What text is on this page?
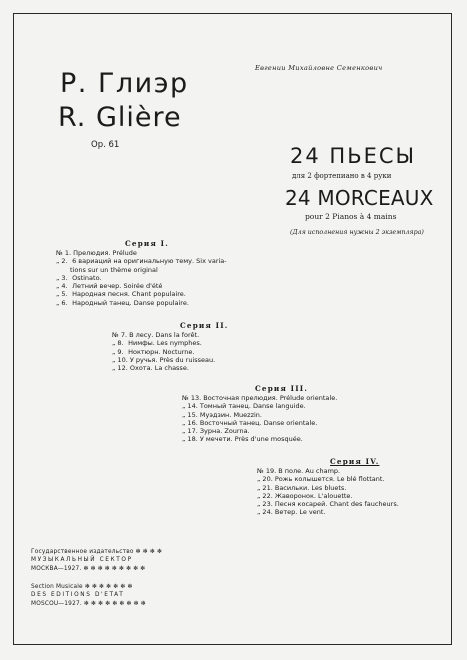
Евгении Михайловне Семенкович
Р. Глиэр
R. Glière
Op. 61	24 ПЬЕСЫ
для 2 фортепиано в 4 руки
24 MORCEAUX
pour 2 Pianos à 4 mains
(Для исполнения нужны 2 экземпляра)
Серия I.
№ 1. Прелюдия. Prélude
„ 2. 6 вариаций на оригинальную тему. Six varia-
tions sur un thème original
„ 3. Ostinato.
„ 4. Летний вечер. Soirée d'été
„ 5. Народная песня. Chant populaire.
„ 6. Народный танец. Danse populaire.
Серия II.
№ 7. В лесу. Dans la forêt.
„ 8. Нимфы. Les nymphes.
„ 9. Ноктюрн. Nocturne.
„ 10. У ручья. Près du ruisseau.
„ 12. Охота. La chasse.
Серия III.
№ 13. Восточная прелюдия. Prélude orientale.
„ 14. Томный танец. Danse languide.
„ 15. Муэдзин. Muezzin.
„ 16. Восточный танец. Danse orientale.
„ 17. Зурна. Zourna.
„ 18. У мечети. Près d'une mosquée.
Серия IV.
№ 19. В поле. Au champ.
„ 20. Рожь колышется. Le blé flottant.
„ 21. Васильки. Les bluets.
„ 22. Жаворонок. L'alouette.
„ 23. Песня косарей. Chant des faucheurs.
„ 24. Ветер. Le vent.
Государственное издательство ✻ ✻ ✻ ✻
МУЗЫКАЛЬНЫЙ СЕКТОР
МОСКВА—1927. ✻ ✻ ✻ ✻ ✻ ✻ ✻ ✻ ✻
Section Musicale ✻ ✻ ✻ ✻ ✻ ✻ ✻
DES EDITIONS D'ETAT
MOSCOU—1927. ✻ ✻ ✻ ✻ ✻ ✻ ✻ ✻ ✻
